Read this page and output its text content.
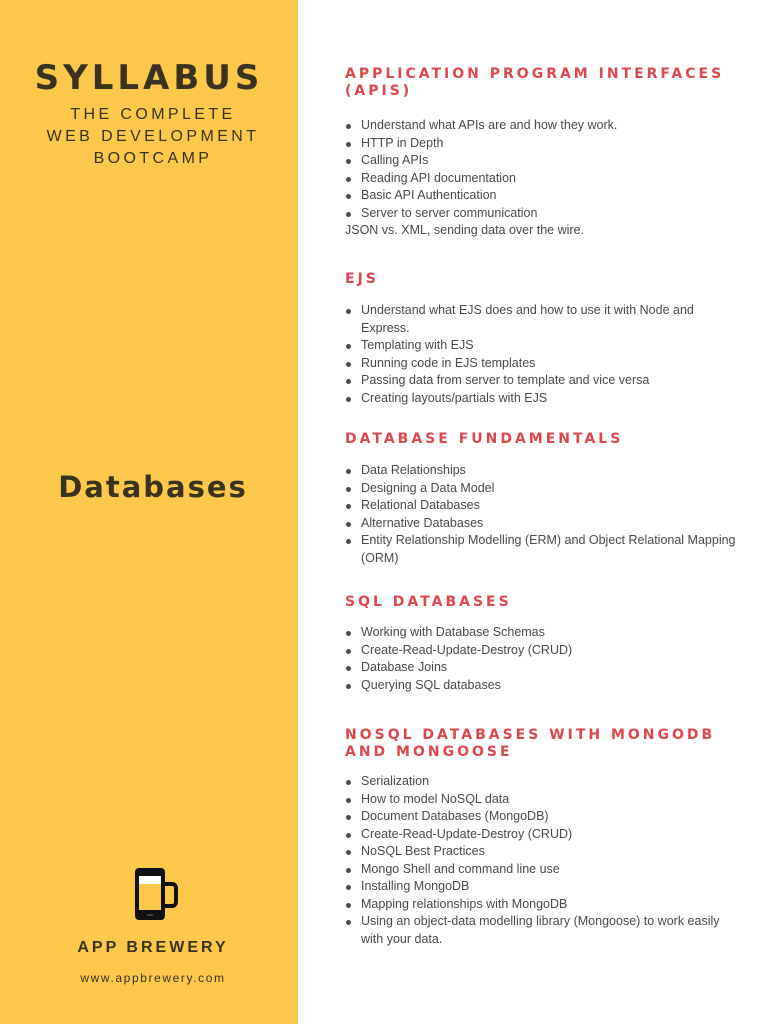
SYLLABUS
THE COMPLETE WEB DEVELOPMENT BOOTCAMP
Databases
APP BREWERY
www.appbrewery.com
APPLICATION PROGRAM INTERFACES (APIS)
Understand what APIs are and how they work.
HTTP in Depth
Calling APIs
Reading API documentation
Basic API Authentication
Server to server communication
JSON vs. XML, sending data over the wire.
EJS
Understand what EJS does and how to use it with Node and Express.
Templating with EJS
Running code in EJS templates
Passing data from server to template and vice versa
Creating layouts/partials with EJS
DATABASE FUNDAMENTALS
Data Relationships
Designing a Data Model
Relational Databases
Alternative Databases
Entity Relationship Modelling (ERM) and Object Relational Mapping (ORM)
SQL DATABASES
Working with Database Schemas
Create-Read-Update-Destroy (CRUD)
Database Joins
Querying SQL databases
NOSQL DATABASES WITH MONGODB AND MONGOOSE
Serialization
How to model NoSQL data
Document Databases (MongoDB)
Create-Read-Update-Destroy (CRUD)
NoSQL Best Practices
Mongo Shell and command line use
Installing MongoDB
Mapping relationships with MongoDB
Using an object-data modelling library (Mongoose) to work easily with your data.
